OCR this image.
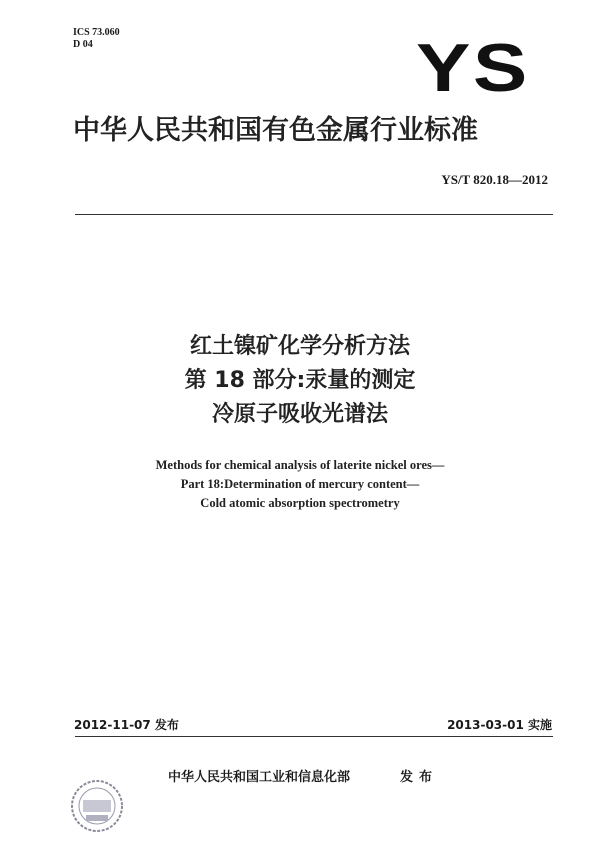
ICS 73.060
D 04	YS
中华人民共和国有色金属行业标准
YS/T 820.18—2012
红土镍矿化学分析方法
第 18 部分:汞量的测定
冷原子吸收光谱法
Methods for chemical analysis of laterite nickel ores—
Part 18:Determination of mercury content—
Cold atomic absorption spectrometry
2012-11-07 发布	2013-03-01 实施
中华人民共和国工业和信息化部	发布
